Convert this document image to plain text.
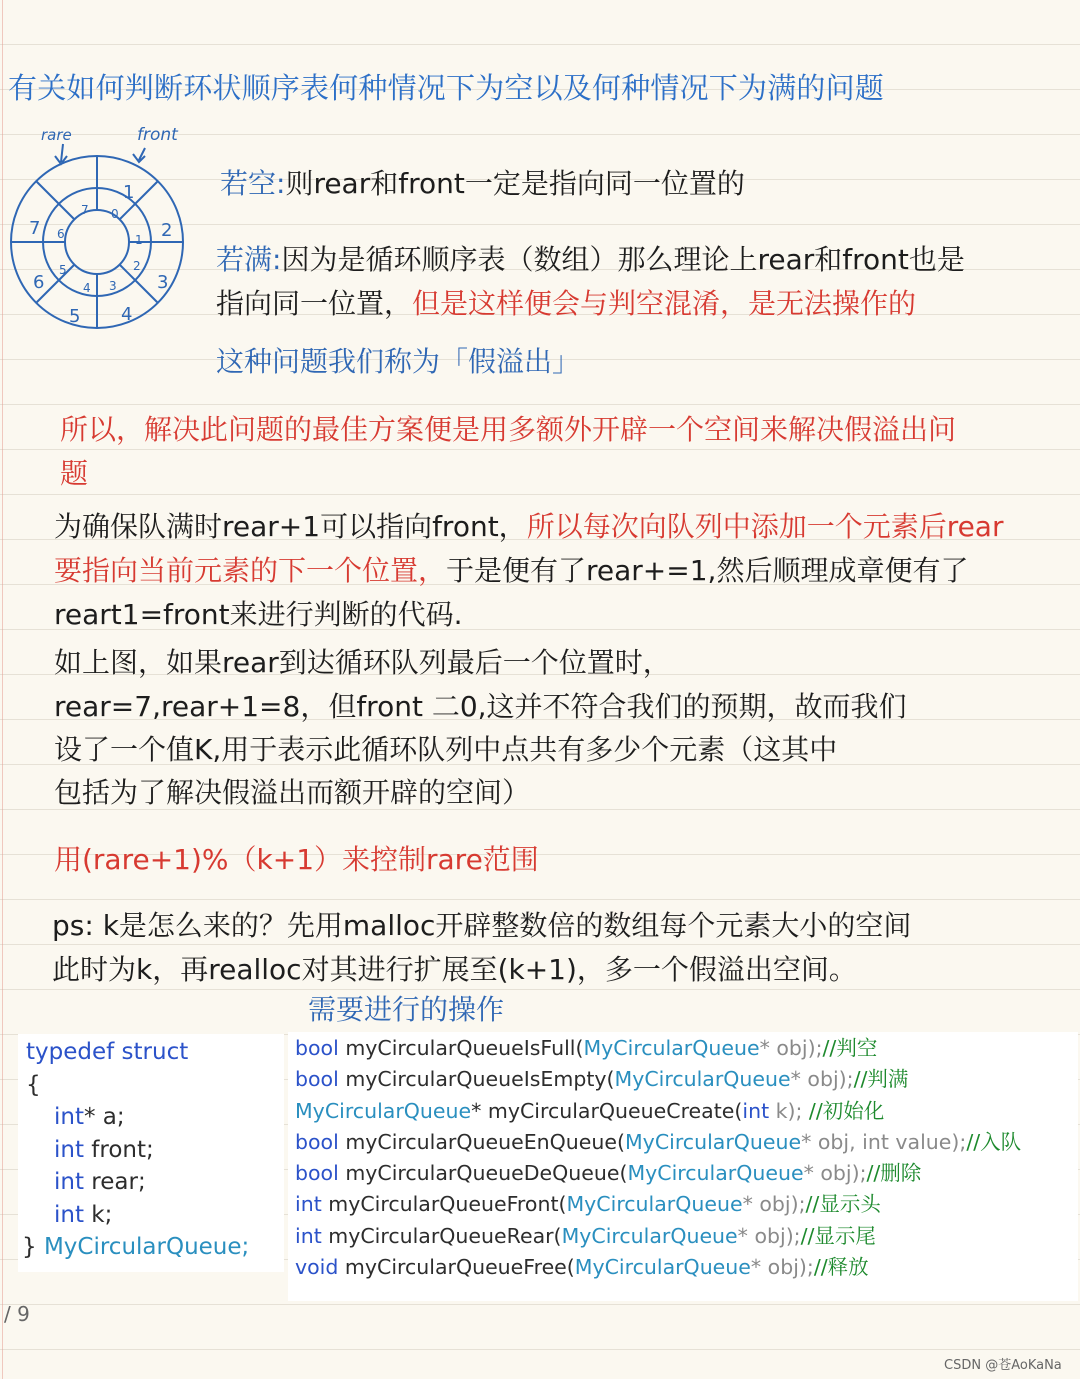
有关如何判断环状顺序表何种情况下为空以及何种情况下为满的问题
rare	front
1
2
3
4
5
6
7
0
1
2
3
4
5
6
7
若空:则rear和front一定是指向同一位置的
若满:因为是循环顺序表（数组）那么理论上rear和front也是
指向同一位置，但是这样便会与判空混淆，是无法操作的
这种问题我们称为「假溢出」
所以，解决此问题的最佳方案便是用多额外开辟一个空间来解决假溢出问
题
为确保队满时rear+1可以指向front，所以每次向队列中添加一个元素后rear
要指向当前元素的下一个位置，于是便有了rear+=1,然后顺理成章便有了
reart1=front来进行判断的代码.
如上图，如果rear到达循环队列最后一个位置时，
rear=7,rear+1=8，但front 二0,这并不符合我们的预期，故而我们
设了一个值K,用于表示此循环队列中点共有多少个元素（这其中
包括为了解决假溢出而额开辟的空间）
用(rare+1)%（k+1）来控制rare范围
ps: k是怎么来的？先用malloc开辟整数倍的数组每个元素大小的空间
此时为k，再realloc对其进行扩展至(k+1)，多一个假溢出空间。
需要进行的操作
typedef struct
{
int* a;
int front;
int rear;
int k;
} MyCircularQueue;
bool myCircularQueueIsFull(MyCircularQueue* obj);//判空
bool myCircularQueueIsEmpty(MyCircularQueue* obj);//判满
MyCircularQueue* myCircularQueueCreate(int k); //初始化
bool myCircularQueueEnQueue(MyCircularQueue* obj, int value);//入队
bool myCircularQueueDeQueue(MyCircularQueue* obj);//删除
int myCircularQueueFront(MyCircularQueue* obj);//显示头
int myCircularQueueRear(MyCircularQueue* obj);//显示尾
void myCircularQueueFree(MyCircularQueue* obj);//释放
/ 9
CSDN @苍AoKaNa
